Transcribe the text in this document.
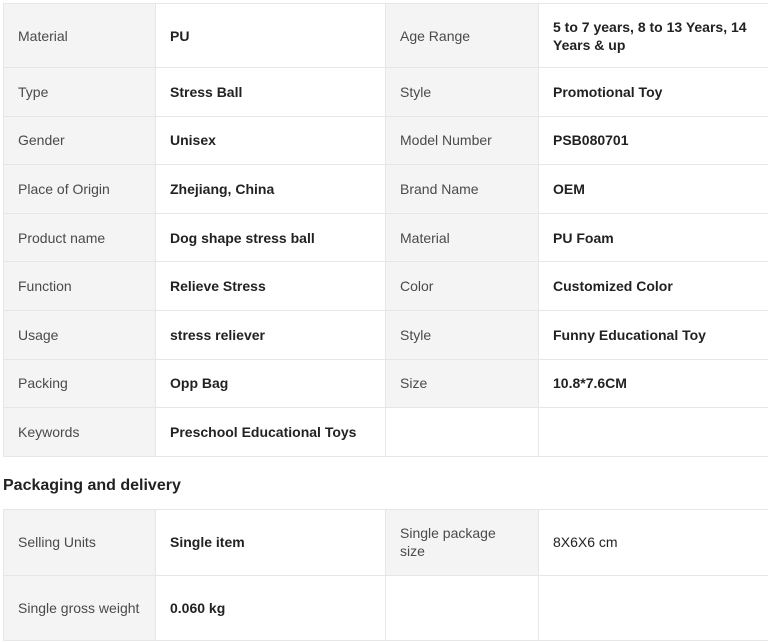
Material	PU	Age Range	5 to 7 years, 8 to 13 Years, 14 Years & up
Type	Stress Ball	Style	Promotional Toy
Gender	Unisex	Model Number	PSB080701
Place of Origin	Zhejiang, China	Brand Name	OEM
Product name	Dog shape stress ball	Material	PU Foam
Function	Relieve Stress	Color	Customized Color
Usage	stress reliever	Style	Funny Educational Toy
Packing	Opp Bag	Size	10.8*7.6CM
Keywords	Preschool Educational Toys		
Packaging and delivery
Selling Units	Single item	Single package size	8X6X6 cm
Single gross weight	0.060 kg		
